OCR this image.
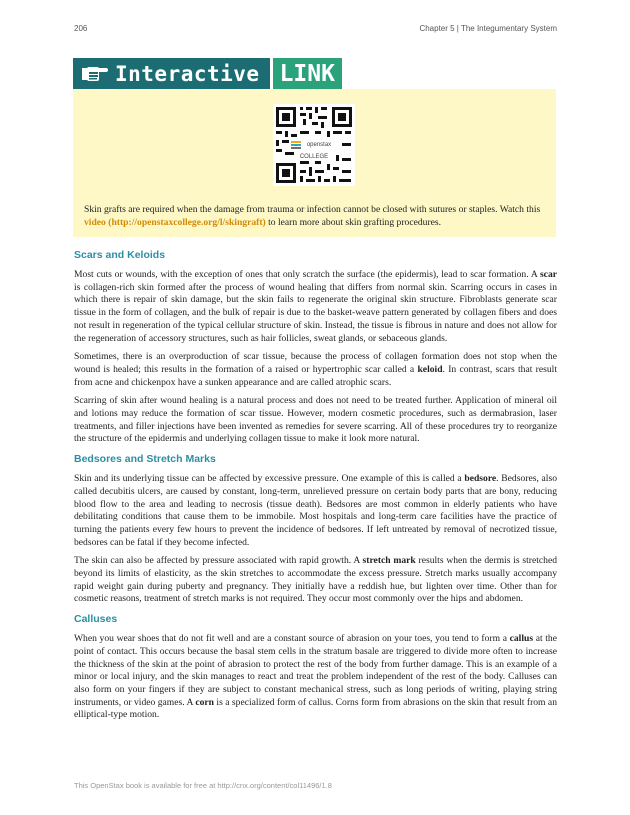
206	Chapter 5 | The Integumentary System
Interactive LINK
openstax COLLEGE
Skin grafts are required when the damage from trauma or infection cannot be closed with sutures or staples. Watch this video (http://openstaxcollege.org/l/skingraft) to learn more about skin grafting procedures.
Scars and Keloids

Most cuts or wounds, with the exception of ones that only scratch the surface (the epidermis), lead to scar formation. A scar is collagen-rich skin formed after the process of wound healing that differs from normal skin. Scarring occurs in cases in which there is repair of skin damage, but the skin fails to regenerate the original skin structure. Fibroblasts generate scar tissue in the form of collagen, and the bulk of repair is due to the basket-weave pattern generated by collagen fibers and does not result in regeneration of the typical cellular structure of skin. Instead, the tissue is fibrous in nature and does not allow for the regeneration of accessory structures, such as hair follicles, sweat glands, or sebaceous glands.

Sometimes, there is an overproduction of scar tissue, because the process of collagen formation does not stop when the wound is healed; this results in the formation of a raised or hypertrophic scar called a keloid. In contrast, scars that result from acne and chickenpox have a sunken appearance and are called atrophic scars.

Scarring of skin after wound healing is a natural process and does not need to be treated further. Application of mineral oil and lotions may reduce the formation of scar tissue. However, modern cosmetic procedures, such as dermabrasion, laser treatments, and filler injections have been invented as remedies for severe scarring. All of these procedures try to reorganize the structure of the epidermis and underlying collagen tissue to make it look more natural.

Bedsores and Stretch Marks

Skin and its underlying tissue can be affected by excessive pressure. One example of this is called a bedsore. Bedsores, also called decubitis ulcers, are caused by constant, long-term, unrelieved pressure on certain body parts that are bony, reducing blood flow to the area and leading to necrosis (tissue death). Bedsores are most common in elderly patients who have debilitating conditions that cause them to be immobile. Most hospitals and long-term care facilities have the practice of turning the patients every few hours to prevent the incidence of bedsores. If left untreated by removal of necrotized tissue, bedsores can be fatal if they become infected.

The skin can also be affected by pressure associated with rapid growth. A stretch mark results when the dermis is stretched beyond its limits of elasticity, as the skin stretches to accommodate the excess pressure. Stretch marks usually accompany rapid weight gain during puberty and pregnancy. They initially have a reddish hue, but lighten over time. Other than for cosmetic reasons, treatment of stretch marks is not required. They occur most commonly over the hips and abdomen.

Calluses

When you wear shoes that do not fit well and are a constant source of abrasion on your toes, you tend to form a callus at the point of contact. This occurs because the basal stem cells in the stratum basale are triggered to divide more often to increase the thickness of the skin at the point of abrasion to protect the rest of the body from further damage. This is an example of a minor or local injury, and the skin manages to react and treat the problem independent of the rest of the body. Calluses can also form on your fingers if they are subject to constant mechanical stress, such as long periods of writing, playing string instruments, or video games. A corn is a specialized form of callus. Corns form from abrasions on the skin that result from an elliptical-type motion.

This OpenStax book is available for free at http://cnx.org/content/col11496/1.8
